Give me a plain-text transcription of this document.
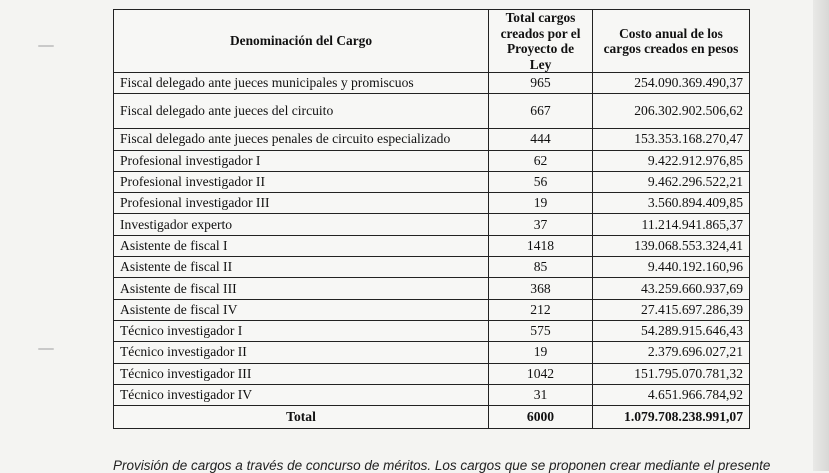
Denominación del Cargo	Total cargos creados por el Proyecto de Ley	Costo anual de los cargos creados en pesos
Fiscal delegado ante jueces municipales y promiscuos	965	254.090.369.490,37
Fiscal delegado ante jueces del circuito	667	206.302.902.506,62
Fiscal delegado ante jueces penales de circuito especializado	444	153.353.168.270,47
Profesional investigador I	62	9.422.912.976,85
Profesional investigador II	56	9.462.296.522,21
Profesional investigador III	19	3.560.894.409,85
Investigador experto	37	11.214.941.865,37
Asistente de fiscal I	1418	139.068.553.324,41
Asistente de fiscal II	85	9.440.192.160,96
Asistente de fiscal III	368	43.259.660.937,69
Asistente de fiscal IV	212	27.415.697.286,39
Técnico investigador I	575	54.289.915.646,43
Técnico investigador II	19	2.379.696.027,21
Técnico investigador III	1042	151.795.070.781,32
Técnico investigador IV	31	4.651.966.784,92
Total	6000	1.079.708.238.991,07
Provisión de cargos a través de concurso de méritos. Los cargos que se proponen crear mediante el presente
